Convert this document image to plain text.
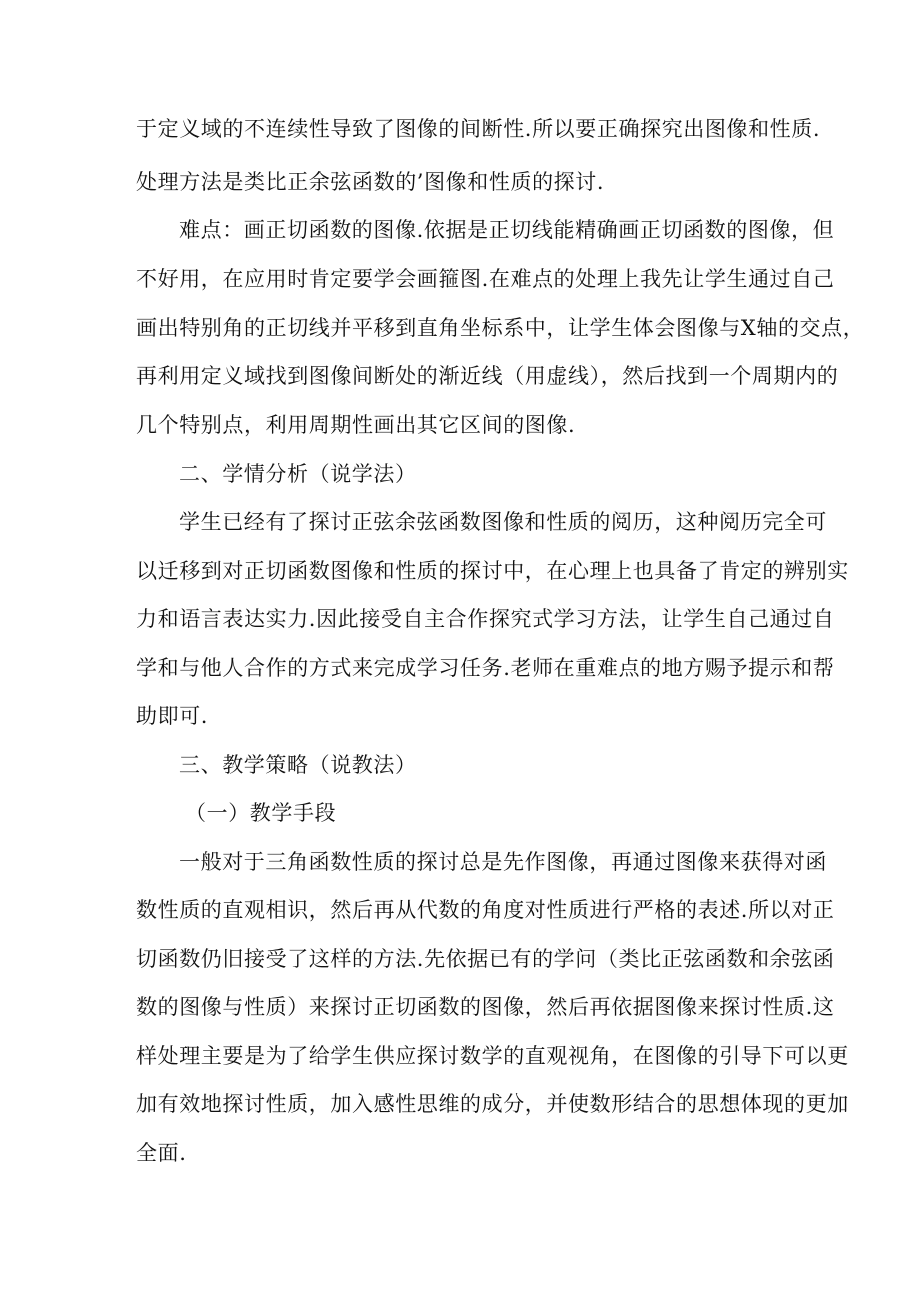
于定义域的不连续性导致了图像的间断性.所以要正确探究出图像和性质.
处理方法是类比正余弦函数的’图像和性质的探讨.
难点：画正切函数的图像.依据是正切线能精确画正切函数的图像，但
不好用，在应用时肯定要学会画箍图.在难点的处理上我先让学生通过自己
画出特别角的正切线并平移到直角坐标系中，让学生体会图像与X轴的交点，
再利用定义域找到图像间断处的渐近线（用虚线），然后找到一个周期内的
几个特别点，利用周期性画出其它区间的图像.
二、学情分析（说学法）
学生已经有了探讨正弦余弦函数图像和性质的阅历，这种阅历完全可
以迁移到对正切函数图像和性质的探讨中，在心理上也具备了肯定的辨别实
力和语言表达实力.因此接受自主合作探究式学习方法，让学生自己通过自
学和与他人合作的方式来完成学习任务.老师在重难点的地方赐予提示和帮
助即可.
三、教学策略（说教法）
（一）教学手段
一般对于三角函数性质的探讨总是先作图像，再通过图像来获得对函
数性质的直观相识，然后再从代数的角度对性质进行严格的表述.所以对正
切函数仍旧接受了这样的方法.先依据已有的学问（类比正弦函数和余弦函
数的图像与性质）来探讨正切函数的图像，然后再依据图像来探讨性质.这
样处理主要是为了给学生供应探讨数学的直观视角，在图像的引导下可以更
加有效地探讨性质，加入感性思维的成分，并使数形结合的思想体现的更加
全面.
